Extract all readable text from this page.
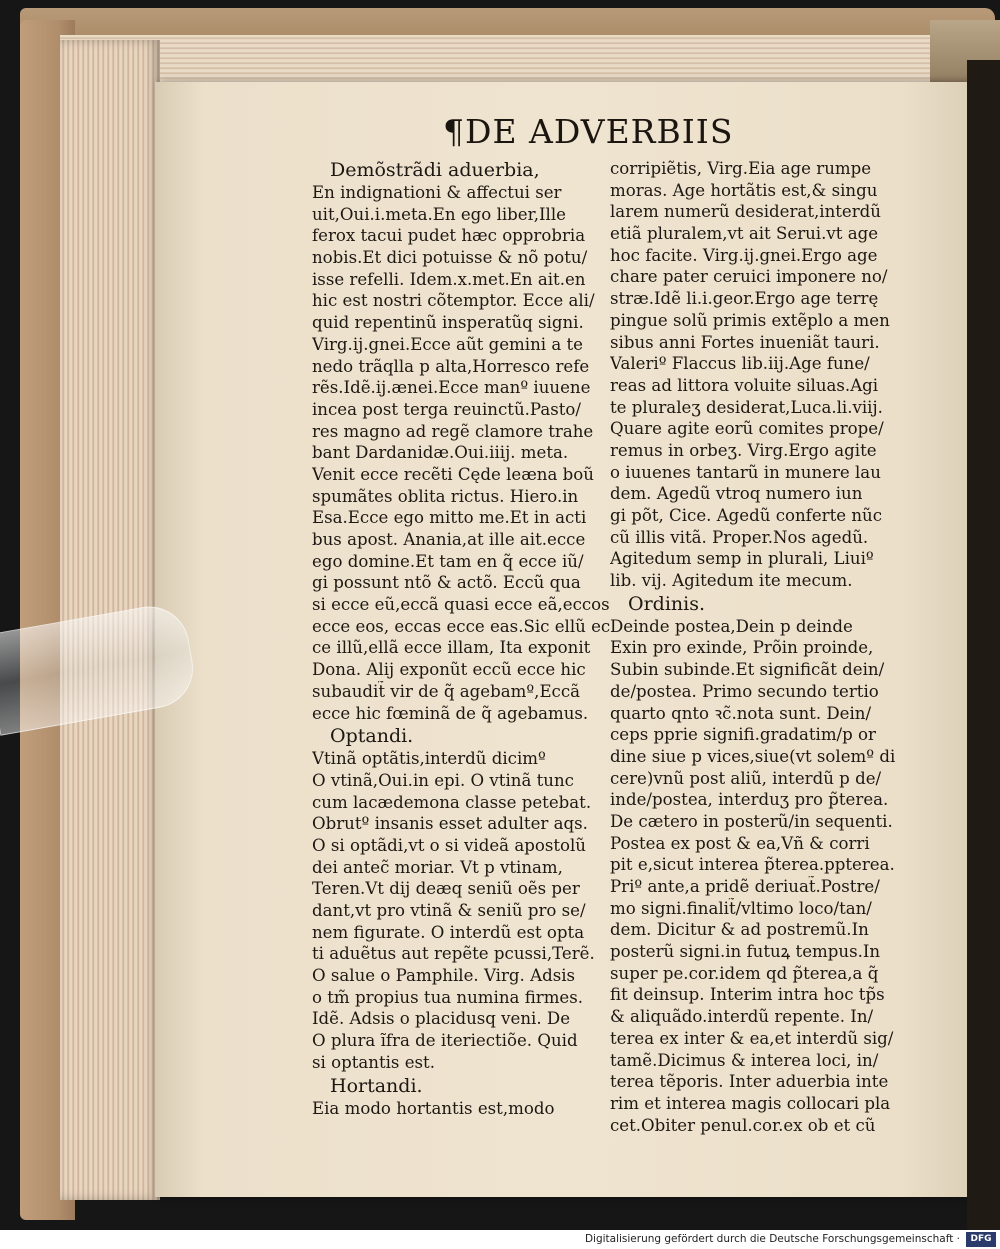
¶DE ADVERBIIS
Demõstrãdi aduerbia,
En indignationi & affectui ser
uit,Oui.i.meta.En ego liber,Ille
ferox tacui pudet hæc opprobria
nobis.Et dici potuisse & nõ potu/
isse refelli. Idem.x.met.En ait.en
hic est nostri cõtemptor. Ecce ali/
quid repentinũ insperatũq signi.
Virg.ij.gnei.Ecce aũt gemini a te
nedo trãqlla p alta,Horresco refe
rẽs.Idẽ.ij.ænei.Ecce manº iuuene
incea post terga reuinctũ.Pasto/
res magno ad regẽ clamore trahe
bant Dardanidæ.Oui.iiij. meta.
Venit ecce recẽti Cęde leæna boũ
spumãtes oblita rictus. Hiero.in
Esa.Ecce ego mitto me.Et in acti
bus apost. Anania,at ille ait.ecce
ego domine.Et tam en q̃ ecce iũ/
gi possunt ntõ & actõ. Eccũ qua
si ecce eũ,eccã quasi ecce eã,eccos
ecce eos, eccas ecce eas.Sic ellũ ec
ce illũ,ellã ecce illam, Ita exponit
Dona. Alij exponũt eccũ ecce hic
subaudit̃ vir de q̃ agebamº,Eccã
ecce hic fœminã de q̃ agebamus.
Optandi.
Vtinã optãtis,interdũ dicimº
O vtinã,Oui.in epi. O vtinã tunc
cum lacædemona classe petebat.
Obrutº insanis esset adulter aqs.
O si optãdi,vt o si videã apostolũ
dei antec̃ moriar. Vt p vtinam,
Teren.Vt dij deæq seniũ oẽs per
dant,vt pro vtinã & seniũ pro se/
nem figurate. O interdũ est opta
ti aduẽtus aut repẽte pcussi,Terẽ.
O salue o Pamphile. Virg. Adsis
o tm̃ propius tua numina firmes.
Idẽ. Adsis o placidusq veni. De
O plura ĩfra de iteriectiõe. Quid
si optantis est.
Hortandi.
Eia modo hortantis est,modo
corripiẽtis, Virg.Eia age rumpe
moras. Age hortãtis est,& singu
larem numerũ desiderat,interdũ
etiã pluralem,vt ait Serui.vt age
hoc facite. Virg.ij.gnei.Ergo age
chare pater ceruici imponere no/
stræ.Idẽ li.i.geor.Ergo age terrę
pingue solũ primis extẽplo a men
sibus anni Fortes inueniãt tauri.
Valeriº Flaccus lib.iij.Age fune/
reas ad littora voluite siluas.Agi
te pluraleʒ desiderat,Luca.li.viij.
Quare agite eorũ comites prope/
remus in orbeʒ. Virg.Ergo agite
o iuuenes tantarũ in munere lau
dem. Agedũ vtroq numero iun
gi põt, Cice. Agedũ conferte nũc
cũ illis vitã. Proper.Nos agedũ.
Agitedum semp in plurali, Liuiº
lib. vij. Agitedum ite mecum.
Ordinis.
Deinde postea,Dein p deinde
Exin pro exinde, Prõin proinde,
Subin subinde.Et significãt dein/
de/postea. Primo secundo tertio
quarto qnto ꝛc̃.nota sunt. Dein/
ceps pprie signifi.gradatim/p or
dine siue p vices,siue(vt solemº di
cere)vnũ post aliũ, interdũ p de/
inde/postea, interduʒ pro p̃terea.
De cætero in posterũ/in sequenti.
Postea ex post & ea,Vñ & corri
pit e,sicut interea p̃terea.ppterea.
Priº ante,a pridẽ deriuat̃.Postre/
mo signi.finalit̃/vltimo loco/tan/
dem. Dicitur & ad postremũ.In
posterũ signi.in futuꝝ tempus.In
super pe.cor.idem qd p̃terea,a q̃
fit deinsup. Interim intra hoc tp̃s
& aliquãdo.interdũ repente. In/
terea ex inter & ea,et interdũ sig/
tamẽ.Dicimus & interea loci, in/
terea tẽporis. Inter aduerbia inte
rim et interea magis collocari pla
cet.Obiter penul.cor.ex ob et cũ
Digitalisierung gefördert durch die Deutsche Forschungsgemeinschaft ·	DFG
